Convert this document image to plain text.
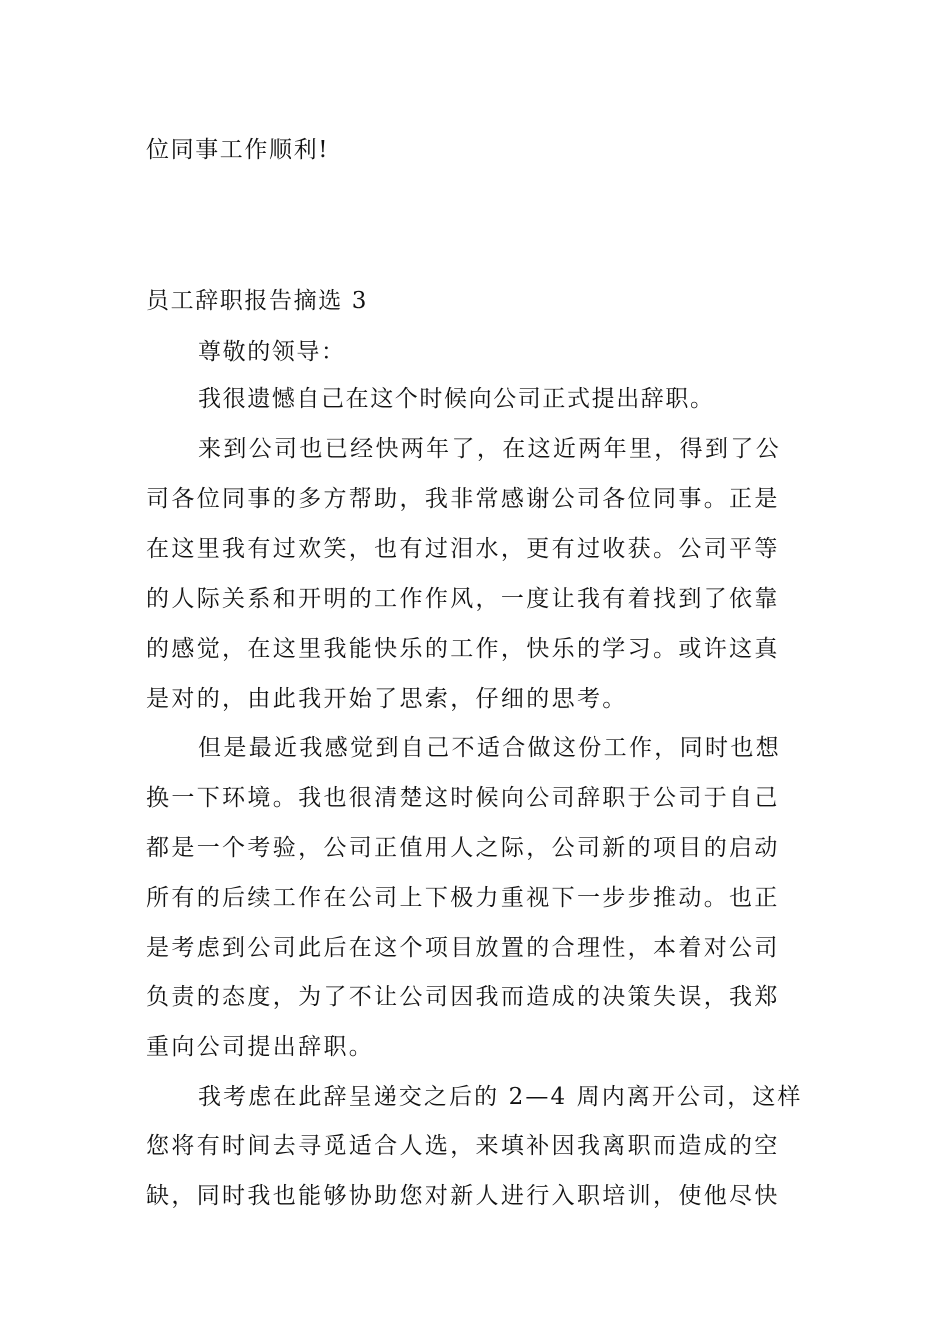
位同事工作顺利!
员工辞职报告摘选 3
尊敬的领导：
我很遗憾自己在这个时候向公司正式提出辞职。
来到公司也已经快两年了，在这近两年里，得到了公
司各位同事的多方帮助，我非常感谢公司各位同事。正是
在这里我有过欢笑，也有过泪水，更有过收获。公司平等
的人际关系和开明的工作作风，一度让我有着找到了依靠
的感觉，在这里我能快乐的工作，快乐的学习。或许这真
是对的，由此我开始了思索，仔细的思考。
但是最近我感觉到自己不适合做这份工作，同时也想
换一下环境。我也很清楚这时候向公司辞职于公司于自己
都是一个考验，公司正值用人之际，公司新的项目的启动
所有的后续工作在公司上下极力重视下一步步推动。也正
是考虑到公司此后在这个项目放置的合理性，本着对公司
负责的态度，为了不让公司因我而造成的决策失误，我郑
重向公司提出辞职。
我考虑在此辞呈递交之后的 2—4 周内离开公司，这样
您将有时间去寻觅适合人选，来填补因我离职而造成的空
缺，同时我也能够协助您对新人进行入职培训，使他尽快
